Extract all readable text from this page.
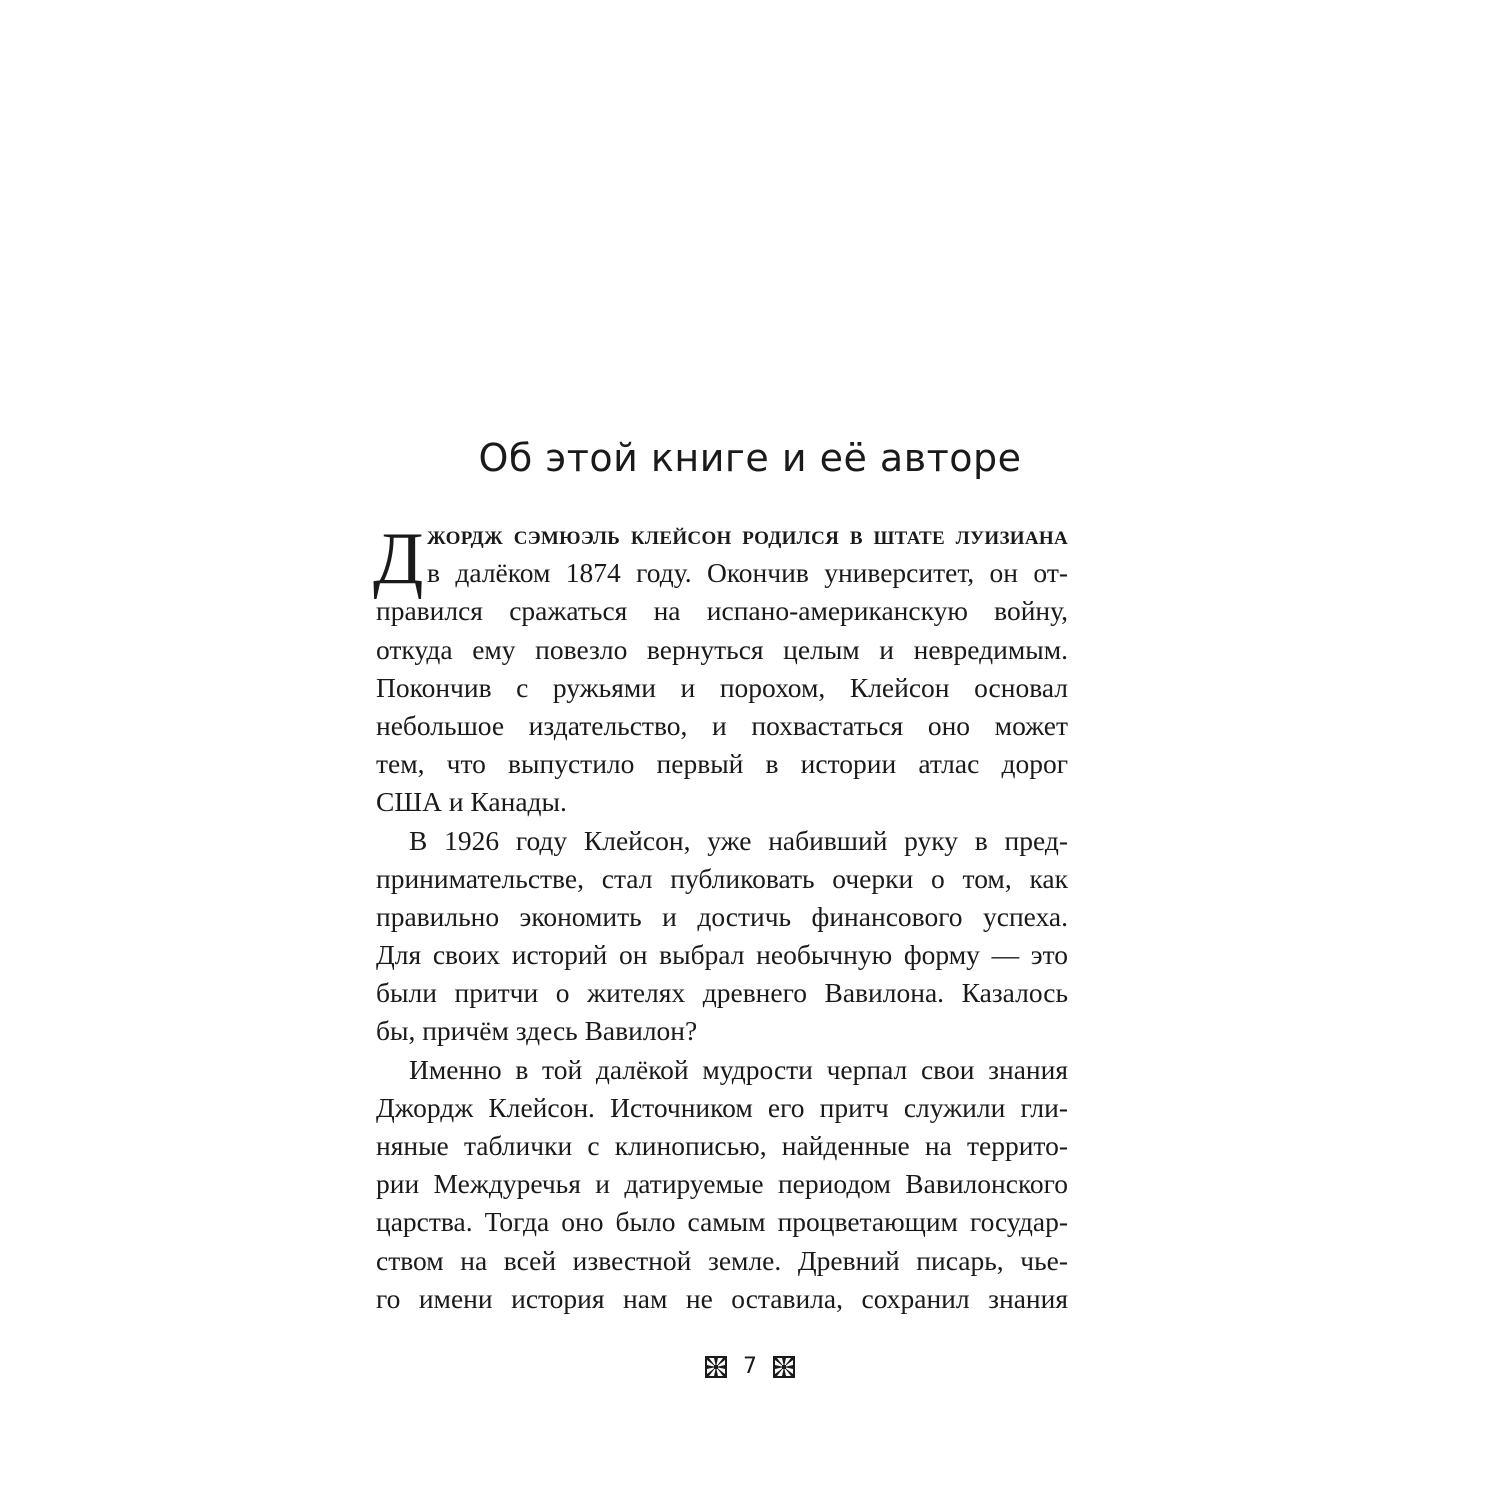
Об этой книге и её авторе
Д жордж сэмюэль клейсон родился в штате луизиана
в далёком 1874 году. Окончив университет, он от-
правился сражаться на испано-американскую войну,
откуда ему повезло вернуться целым и невредимым.
Покончив с ружьями и порохом, Клейсон основал
небольшое издательство, и похвастаться оно может
тем, что выпустило первый в истории атлас дорог
США и Канады.
В 1926 году Клейсон, уже набивший руку в пред-
принимательстве, стал публиковать очерки о том, как
правильно экономить и достичь финансового успеха.
Для своих историй он выбрал необычную форму — это
были притчи о жителях древнего Вавилона. Казалось
бы, причём здесь Вавилон?
Именно в той далёкой мудрости черпал свои знания
Джордж Клейсон. Источником его притч служили гли-
няные таблички с клинописью, найденные на террито-
рии Междуречья и датируемые периодом Вавилонского
царства. Тогда оно было самым процветающим государ-
ством на всей известной земле. Древний писарь, чье-
го имени история нам не оставила, сохранил знания
7
